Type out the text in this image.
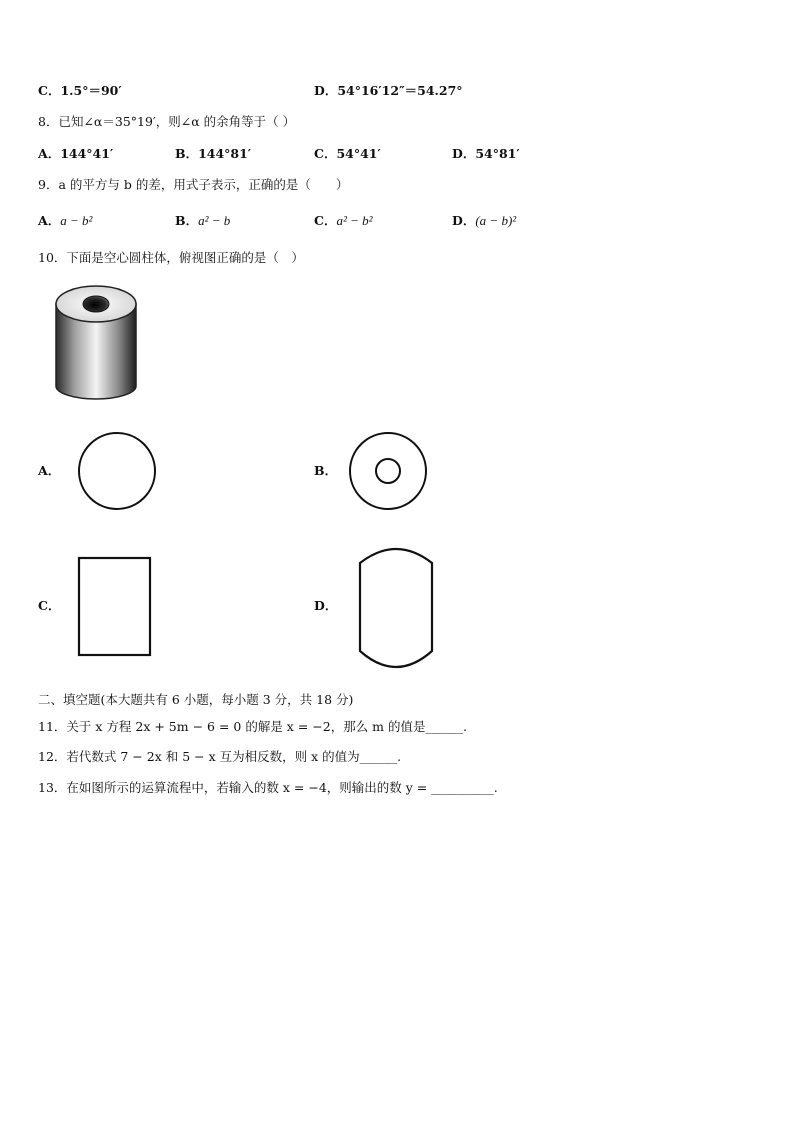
C．1.5°＝90′	D．54°16′12″＝54.27°
8．已知∠α＝35°19′，则∠α 的余角等于（ ）
A．144°41′	B．144°81′	C．54°41′	D．54°81′
9．a 的平方与 b 的差，用式子表示，正确的是（　　）
A．a − b²	B．a² − b	C．a² − b²	D．(a − b)²
10．下面是空心圆柱体，俯视图正确的是（　）
A．	B．
C．	D．
二、填空题(本大题共有 6 小题，每小题 3 分，共 18 分)
11．关于 x 方程 2x + 5m − 6 = 0 的解是 x = −2，那么 m 的值是______.
12．若代数式 7 − 2x 和 5 − x 互为相反数，则 x 的值为______.
13．在如图所示的运算流程中，若输入的数 x = −4，则输出的数 y = __________.
